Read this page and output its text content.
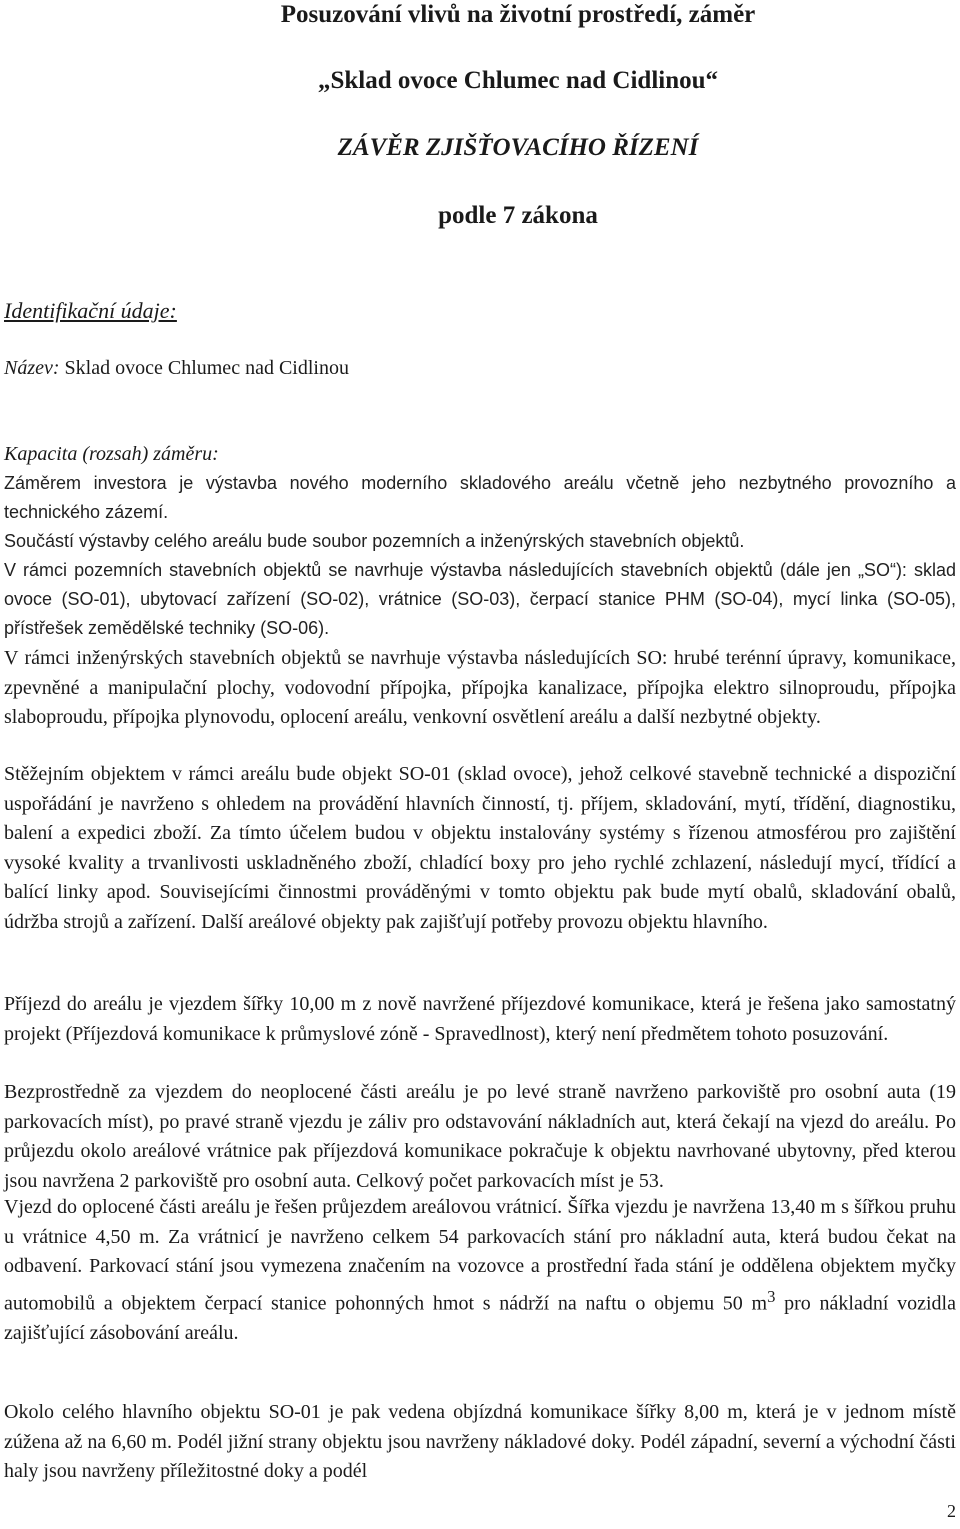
Posuzování vlivů na životní prostředí, záměr
„Sklad ovoce Chlumec nad Cidlinou“
ZÁVĚR ZJIŠŤOVACÍHO ŘÍZENÍ
podle 7 zákona

Identifikační údaje:

Název: Sklad ovoce Chlumec nad Cidlinou

Kapacita (rozsah) záměru:

Záměrem investora je výstavba nového moderního skladového areálu včetně jeho nezbytného provozního a technického zázemí.

Součástí výstavby celého areálu bude soubor pozemních a inženýrských stavebních objektů.

V rámci pozemních stavebních objektů se navrhuje výstavba následujících stavebních objektů (dále jen „SO“): sklad ovoce (SO-01), ubytovací zařízení (SO-02), vrátnice (SO-03), čerpací stanice PHM (SO-04), mycí linka (SO-05), přístřešek zemědělské techniky (SO-06).

V rámci inženýrských stavebních objektů se navrhuje výstavba následujících SO: hrubé terénní úpravy, komunikace, zpevněné a manipulační plochy, vodovodní přípojka, přípojka kanalizace, přípojka elektro silnoproudu, přípojka slaboproudu, přípojka plynovodu, oplocení areálu, venkovní osvětlení areálu a další nezbytné objekty.

Stěžejním objektem v rámci areálu bude objekt SO-01 (sklad ovoce), jehož celkové stavebně technické a dispoziční uspořádání je navrženo s ohledem na provádění hlavních činností, tj. příjem, skladování, mytí, třídění, diagnostiku, balení a expedici zboží. Za tímto účelem budou v objektu instalovány systémy s řízenou atmosférou pro zajištění vysoké kvality a trvanlivosti uskladněného zboží, chladící boxy pro jeho rychlé zchlazení, následují mycí, třídící a balící linky apod. Souvisejícími činnostmi prováděnými v tomto objektu pak bude mytí obalů, skladování obalů, údržba strojů a zařízení. Další areálové objekty pak zajišťují potřeby provozu objektu hlavního.

Příjezd do areálu je vjezdem šířky 10,00 m z nově navržené příjezdové komunikace, která je řešena jako samostatný projekt (Příjezdová komunikace k průmyslové zóně - Spravedlnost), který není předmětem tohoto posuzování.

Bezprostředně za vjezdem do neoplocené části areálu je po levé straně navrženo parkoviště pro osobní auta (19 parkovacích míst), po pravé straně vjezdu je záliv pro odstavování nákladních aut, která čekají na vjezd do areálu. Po průjezdu okolo areálové vrátnice pak příjezdová komunikace pokračuje k objektu navrhované ubytovny, před kterou jsou navržena 2 parkoviště pro osobní auta. Celkový počet parkovacích míst je 53.

Vjezd do oplocené části areálu je řešen průjezdem areálovou vrátnicí. Šířka vjezdu je navržena 13,40 m s šířkou pruhu u vrátnice 4,50 m. Za vrátnicí je navrženo celkem 54 parkovacích stání pro nákladní auta, která budou čekat na odbavení. Parkovací stání jsou vymezena značením na vozovce a prostřední řada stání je oddělena objektem myčky automobilů a objektem čerpací stanice pohonných hmot s nádrží na naftu o objemu 50 $m^3$ pro nákladní vozidla zajišťující zásobování areálu.

Okolo celého hlavního objektu SO-01 je pak vedena objízdná komunikace šířky 8,00 m, která je v jednom místě zúžena až na 6,60 m. Podél jižní strany objektu jsou navrženy nákladové doky. Podél západní, severní a východní části haly jsou navrženy příležitostné doky a podél

2
